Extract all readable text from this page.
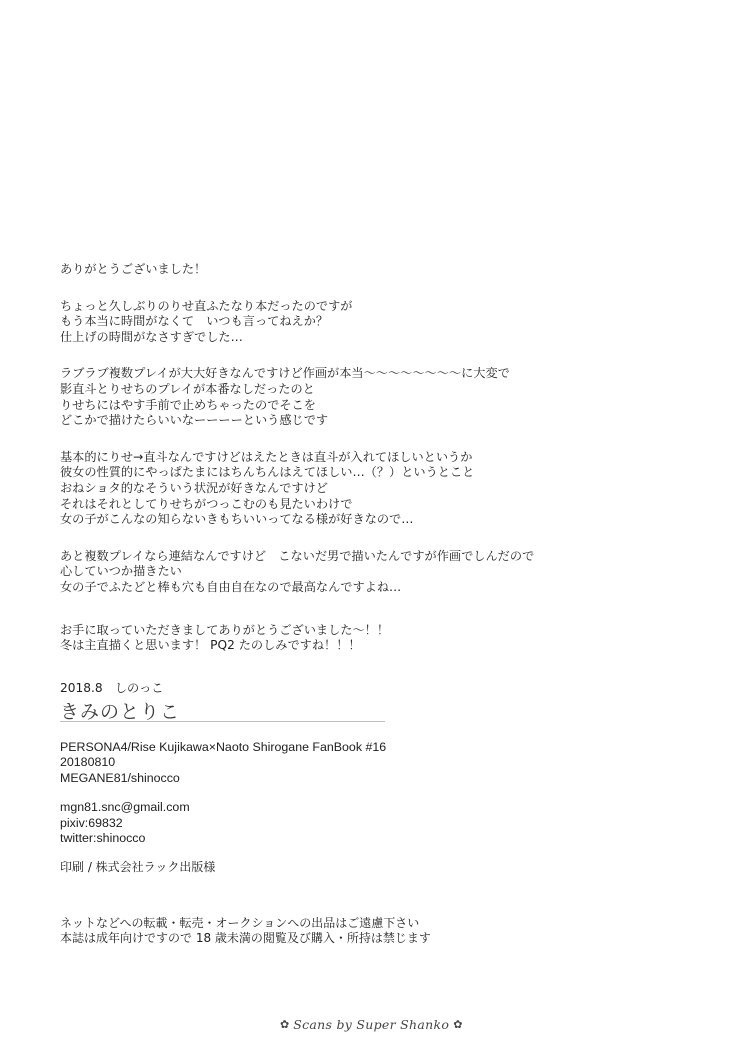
ありがとうございました！

ちょっと久しぶりのりせ直ふたなり本だったのですが
もう本当に時間がなくて　いつも言ってねえか？
仕上げの時間がなさすぎでした…

ラブラブ複数プレイが大大好きなんですけど作画が本当〜〜〜〜〜〜〜〜に大変で
影直斗とりせちのプレイが本番なしだったのと
りせちにはやす手前で止めちゃったのでそこを
どこかで描けたらいいなーーーーという感じです

基本的にりせ→直斗なんですけどはえたときは直斗が入れてほしいというか
彼女の性質的にやっぱたまにはちんちんはえてほしい…（？）というとこと
おねショタ的なそういう状況が好きなんですけど
それはそれとしてりせちがつっこむのも見たいわけで
女の子がこんなの知らないきもちいいってなる様が好きなので…

あと複数プレイなら連結なんですけど　こないだ男で描いたんですが作画でしんだので
心していつか描きたい
女の子でふたどと棒も穴も自由自在なので最高なんですよね…

お手に取っていただきましてありがとうございました〜！！
冬は主直描くと思います！ PQ2 たのしみですね！！！

2018.8　しのっこ

きみのとりこ
PERSONA4/Rise Kujikawa×Naoto Shirogane FanBook #16
20180810
MEGANE81/shinocco
mgn81.snc@gmail.com
pixiv:69832
twitter:shinocco
印刷 / 株式会社ラック出版様
ネットなどへの転載・転売・オークションへの出品はご遠慮下さい
本誌は成年向けですので 18 歳未満の閲覧及び購入・所持は禁じます
✿ Scans by Super Shanko ✿
